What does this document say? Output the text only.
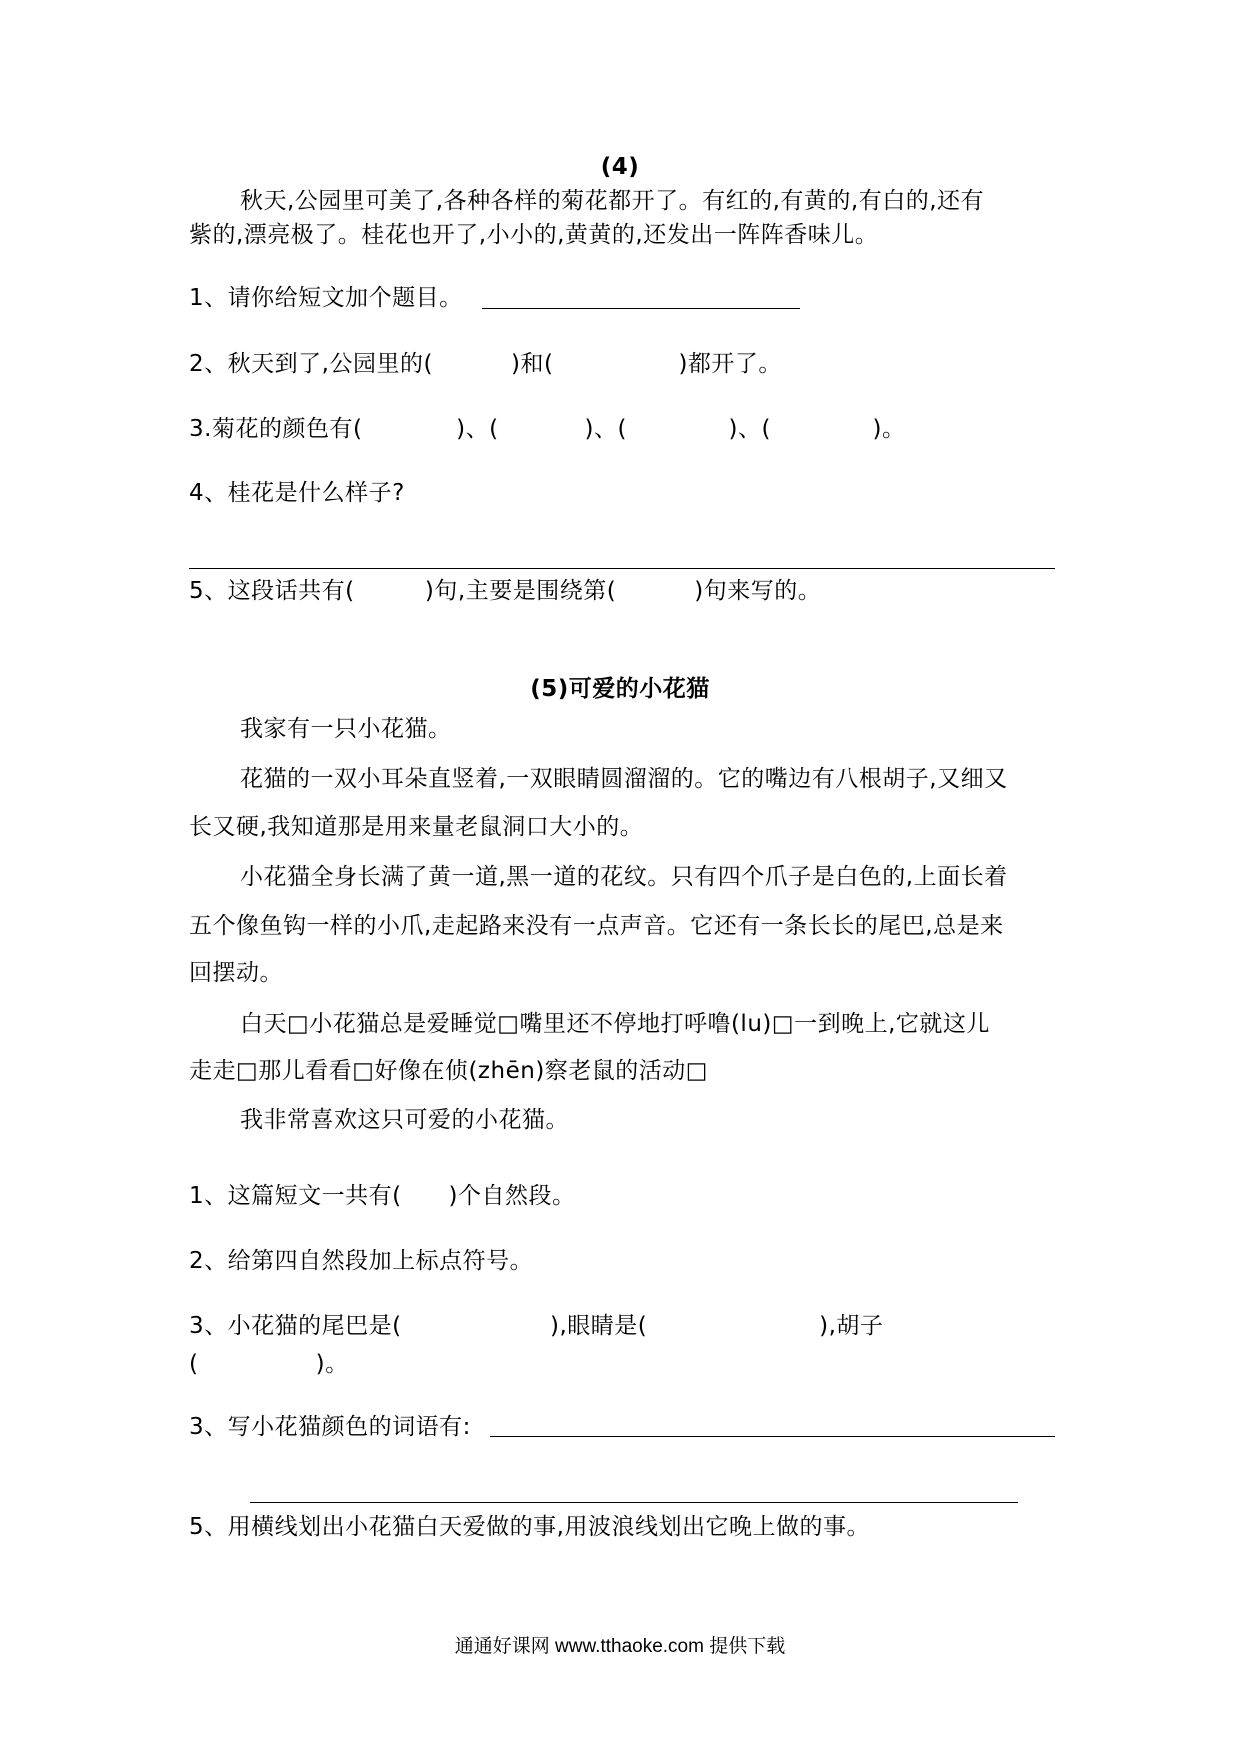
(4)
秋天,公园里可美了,各种各样的菊花都开了。有红的,有黄的,有白的,还有
紫的,漂亮极了。桂花也开了,小小的,黄黄的,还发出一阵阵香味儿。
1、请你给短文加个题目。
2、秋天到了,公园里的(          )和(                )都开了。
3.菊花的颜色有(            )、(           )、(             )、(             )。
4、桂花是什么样子?
5、这段话共有(         )句,主要是围绕第(          )句来写的。
(5)可爱的小花猫
我家有一只小花猫。
花猫的一双小耳朵直竖着,一双眼睛圆溜溜的。它的嘴边有八根胡子,又细又
长又硬,我知道那是用来量老鼠洞口大小的。
小花猫全身长满了黄一道,黑一道的花纹。只有四个爪子是白色的,上面长着
五个像鱼钩一样的小爪,走起路来没有一点声音。它还有一条长长的尾巴,总是来
回摆动。
白天□小花猫总是爱睡觉□嘴里还不停地打呼噜(lu)□一到晚上,它就这儿
走走□那儿看看□好像在侦(zhēn)察老鼠的活动□
我非常喜欢这只可爱的小花猫。
1、这篇短文一共有(      )个自然段。
2、给第四自然段加上标点符号。
3、小花猫的尾巴是(                   ),眼睛是(                      ),胡子
(               )。
3、写小花猫颜色的词语有:
5、用横线划出小花猫白天爱做的事,用波浪线划出它晚上做的事。
通通好课网 www.tthaoke.com 提供下载
